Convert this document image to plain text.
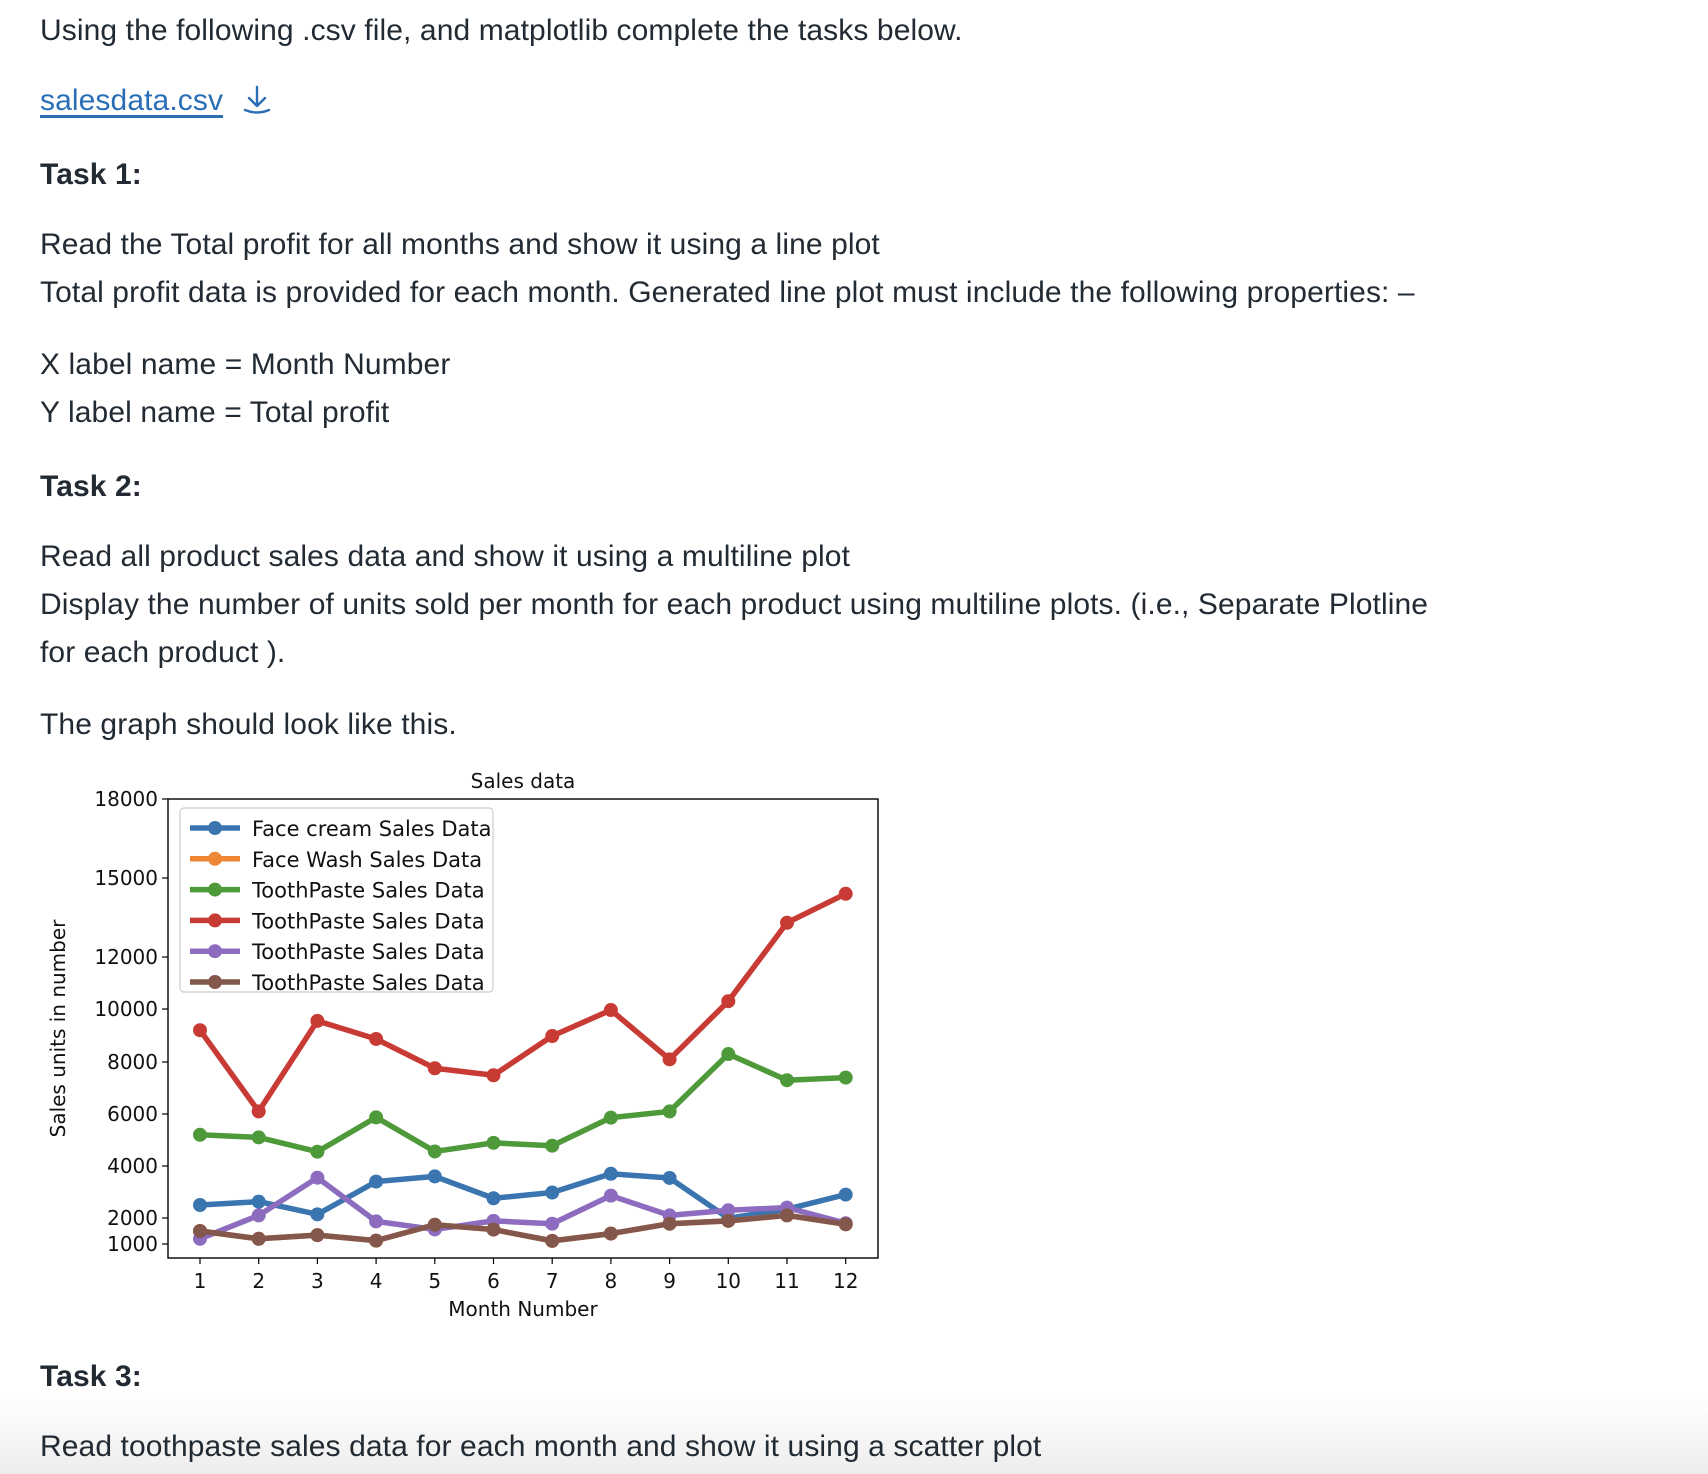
Using the following .csv file, and matplotlib complete the tasks below.
salesdata.csv
Task 1:
Read the Total profit for all months and show it using a line plot
Total profit data is provided for each month. Generated line plot must include the following properties: –
X label name = Month Number
Y label name = Total profit
Task 2:
Read all product sales data and show it using a multiline plot
Display the number of units sold per month for each product using multiline plots. (i.e., Separate Plotline
for each product ).
The graph should look like this.
Task 3:
Read toothpaste sales data for each month and show it using a scatter plot
Sales data
1000
2000
4000
6000
8000
10000
12000
15000
18000
1 2 3 4 5 6 7 8 9 10 11 12
Month Number
Sales units in number
Face cream Sales Data
Face Wash Sales Data
ToothPaste Sales Data
ToothPaste Sales Data
ToothPaste Sales Data
ToothPaste Sales Data
